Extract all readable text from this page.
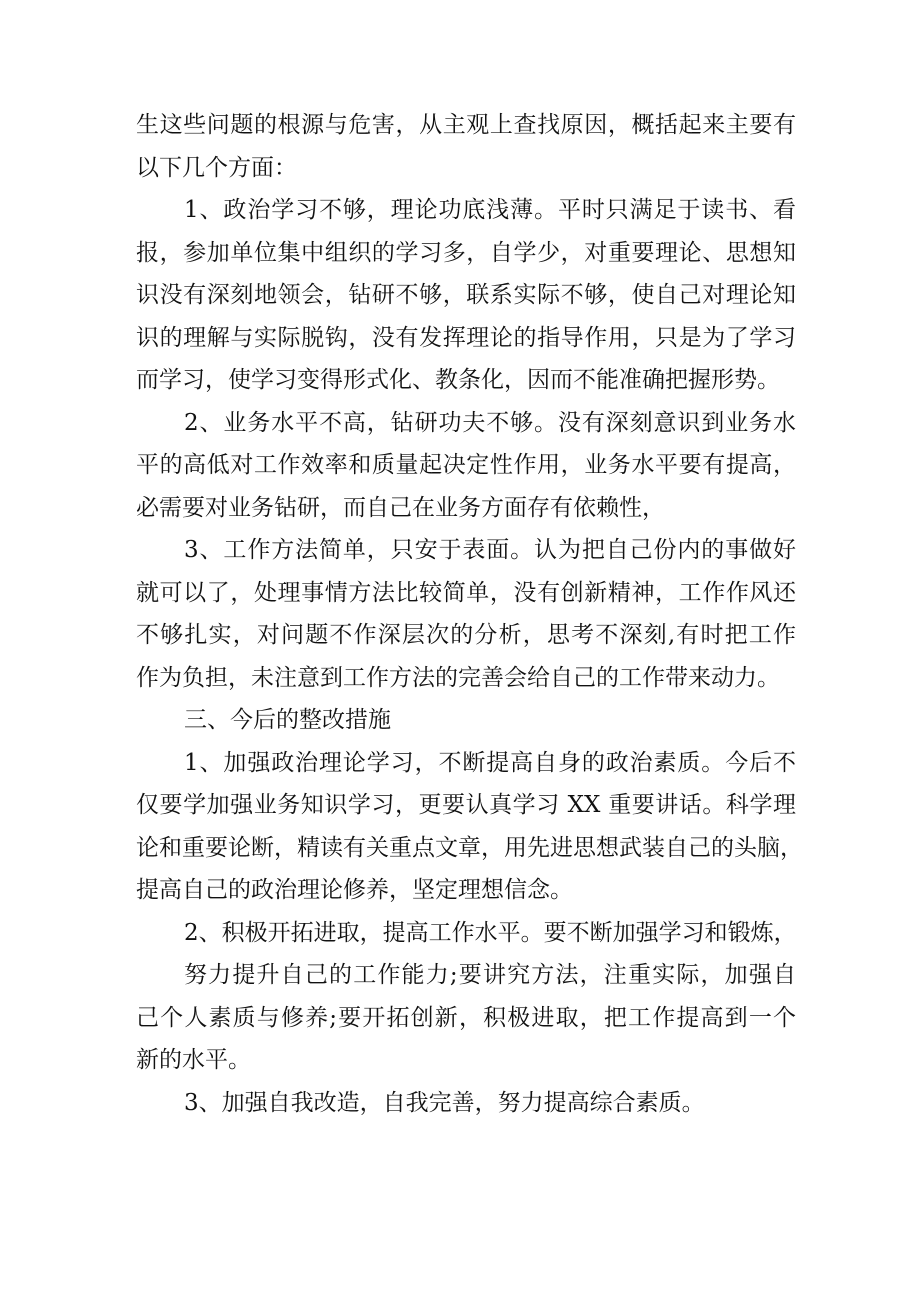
生这些问题的根源与危害，从主观上查找原因，概括起来主要有
以下几个方面：
1、政治学习不够，理论功底浅薄。平时只满足于读书、看
报，参加单位集中组织的学习多，自学少，对重要理论、思想知
识没有深刻地领会，钻研不够，联系实际不够，使自己对理论知
识的理解与实际脱钩，没有发挥理论的指导作用，只是为了学习
而学习，使学习变得形式化、教条化，因而不能准确把握形势。
2、业务水平不高，钻研功夫不够。没有深刻意识到业务水
平的高低对工作效率和质量起决定性作用，业务水平要有提高，
必需要对业务钻研，而自己在业务方面存有依赖性，
3、工作方法简单，只安于表面。认为把自己份内的事做好
就可以了，处理事情方法比较简单，没有创新精神，工作作风还
不够扎实，对问题不作深层次的分析，思考不深刻,有时把工作
作为负担，未注意到工作方法的完善会给自己的工作带来动力。
三、今后的整改措施
1、加强政治理论学习，不断提高自身的政治素质。今后不
仅要学加强业务知识学习，更要认真学习 XX 重要讲话。科学理
论和重要论断，精读有关重点文章，用先进思想武装自己的头脑，
提高自己的政治理论修养，坚定理想信念。
2、积极开拓进取，提高工作水平。要不断加强学习和锻炼，
努力提升自己的工作能力;要讲究方法，注重实际，加强自
己个人素质与修养;要开拓创新，积极进取，把工作提高到一个
新的水平。
3、加强自我改造，自我完善，努力提高综合素质。
